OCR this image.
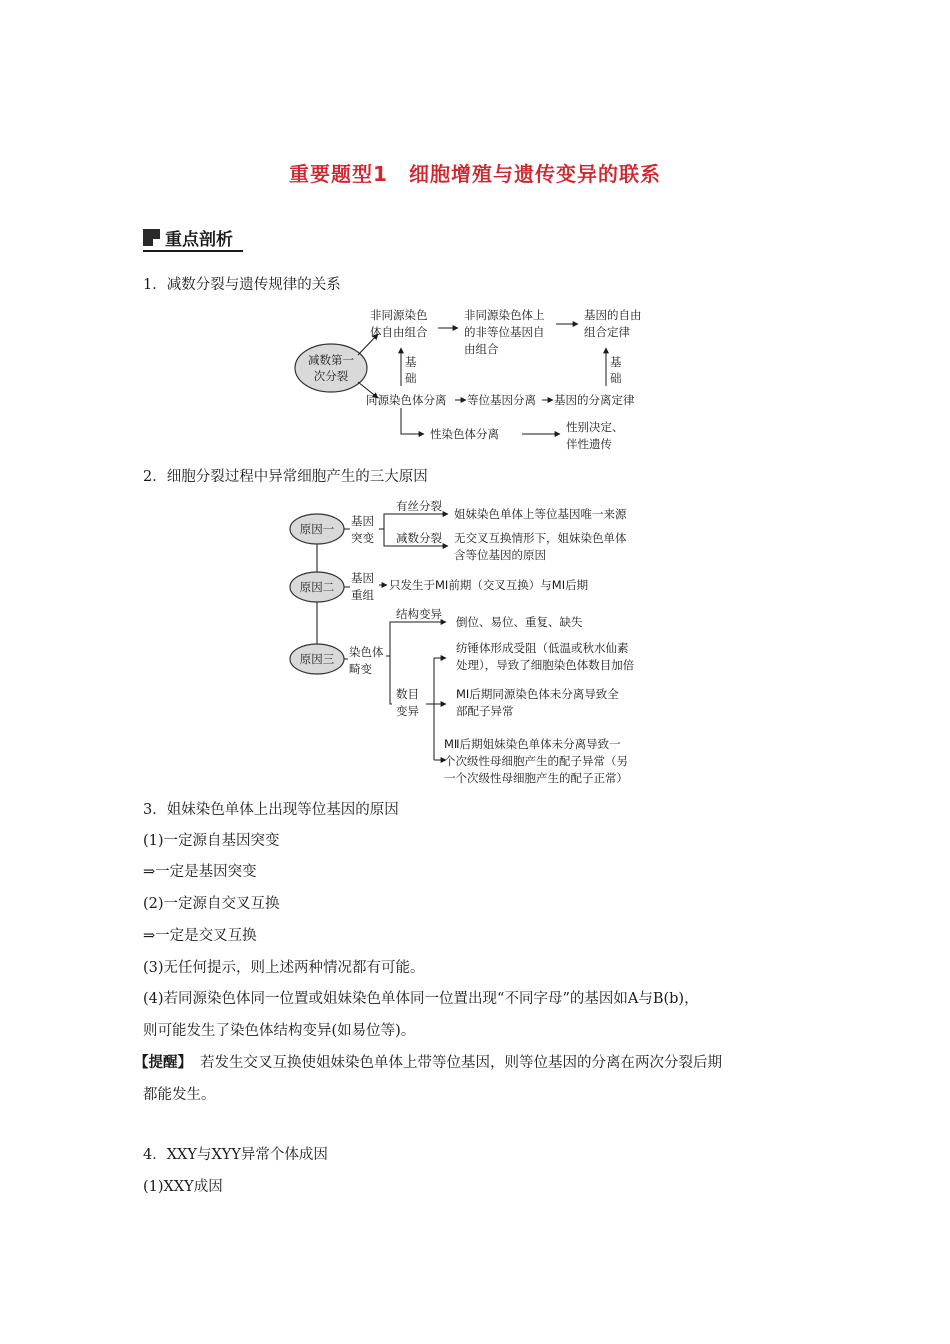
重要题型1　细胞增殖与遗传变异的联系
重点剖析
1．减数分裂与遗传规律的关系
减数第一
次分裂
非同源染色
体自由组合
非同源染色体上
的非等位基因自
由组合
基因的自由
组合定律
基
础
基
础
同源染色体分离 等位基因分离 基因的分离定律
性染色体分离	性别决定、
伴性遗传
2．细胞分裂过程中异常细胞产生的三大原因
原因一
原因二
原因三
基因
突变
有丝分裂
姐妹染色单体上等位基因唯一来源
减数分裂 无交叉互换情形下，姐妹染色单体
含等位基因的原因
基因
重组
只发生于MⅠ前期（交叉互换）与MⅠ后期
染色体
畸变
结构变异
倒位、易位、重复、缺失
数目
变异
纺锤体形成受阻（低温或秋水仙素
处理），导致了细胞染色体数目加倍
MⅠ后期同源染色体未分离导致全
部配子异常
MⅡ后期姐妹染色单体未分离导致一
个次级性母细胞产生的配子异常（另
一个次级性母细胞产生的配子正常）
3．姐妹染色单体上出现等位基因的原因
(1)一定源自基因突变
⇒一定是基因突变
(2)一定源自交叉互换
⇒一定是交叉互换
(3)无任何提示，则上述两种情况都有可能。
(4)若同源染色体同一位置或姐妹染色单体同一位置出现“不同字母”的基因如A与B(b)，
则可能发生了染色体结构变异(如易位等)。
【提醒】 若发生交叉互换使姐妹染色单体上带等位基因，则等位基因的分离在两次分裂后期
都能发生。
4．XXY与XYY异常个体成因
(1)XXY成因
